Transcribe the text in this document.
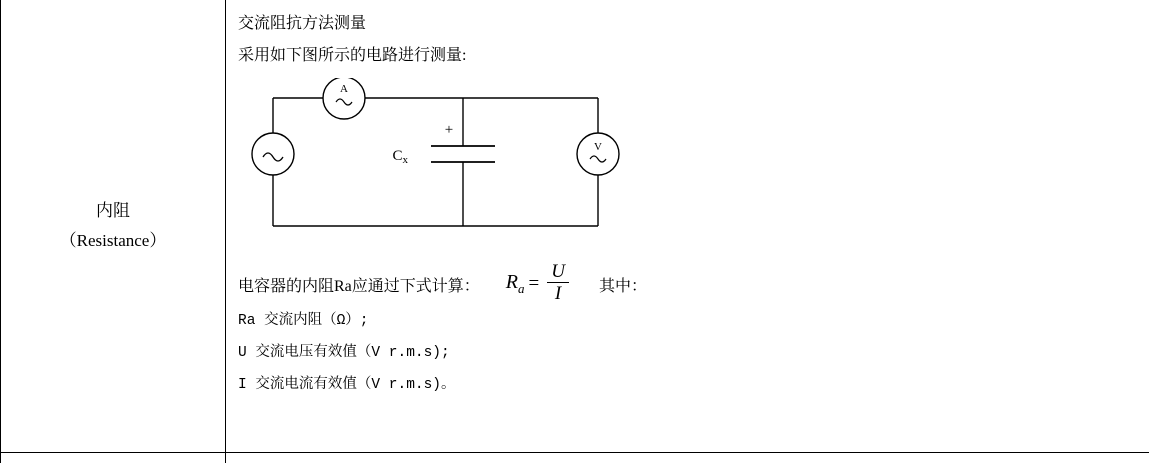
内阻
（Resistance）
交流阻抗方法测量
采用如下图所示的电路进行测量:
A
V
+
$C_x$
电容器的内阻Ra应通过下式计算： $R_a = \frac{U}{I}$ 其中：
Ra 交流内阻（Ω）;
U 交流电压有效值（V r.m.s);
I 交流电流有效值（V r.m.s)。
